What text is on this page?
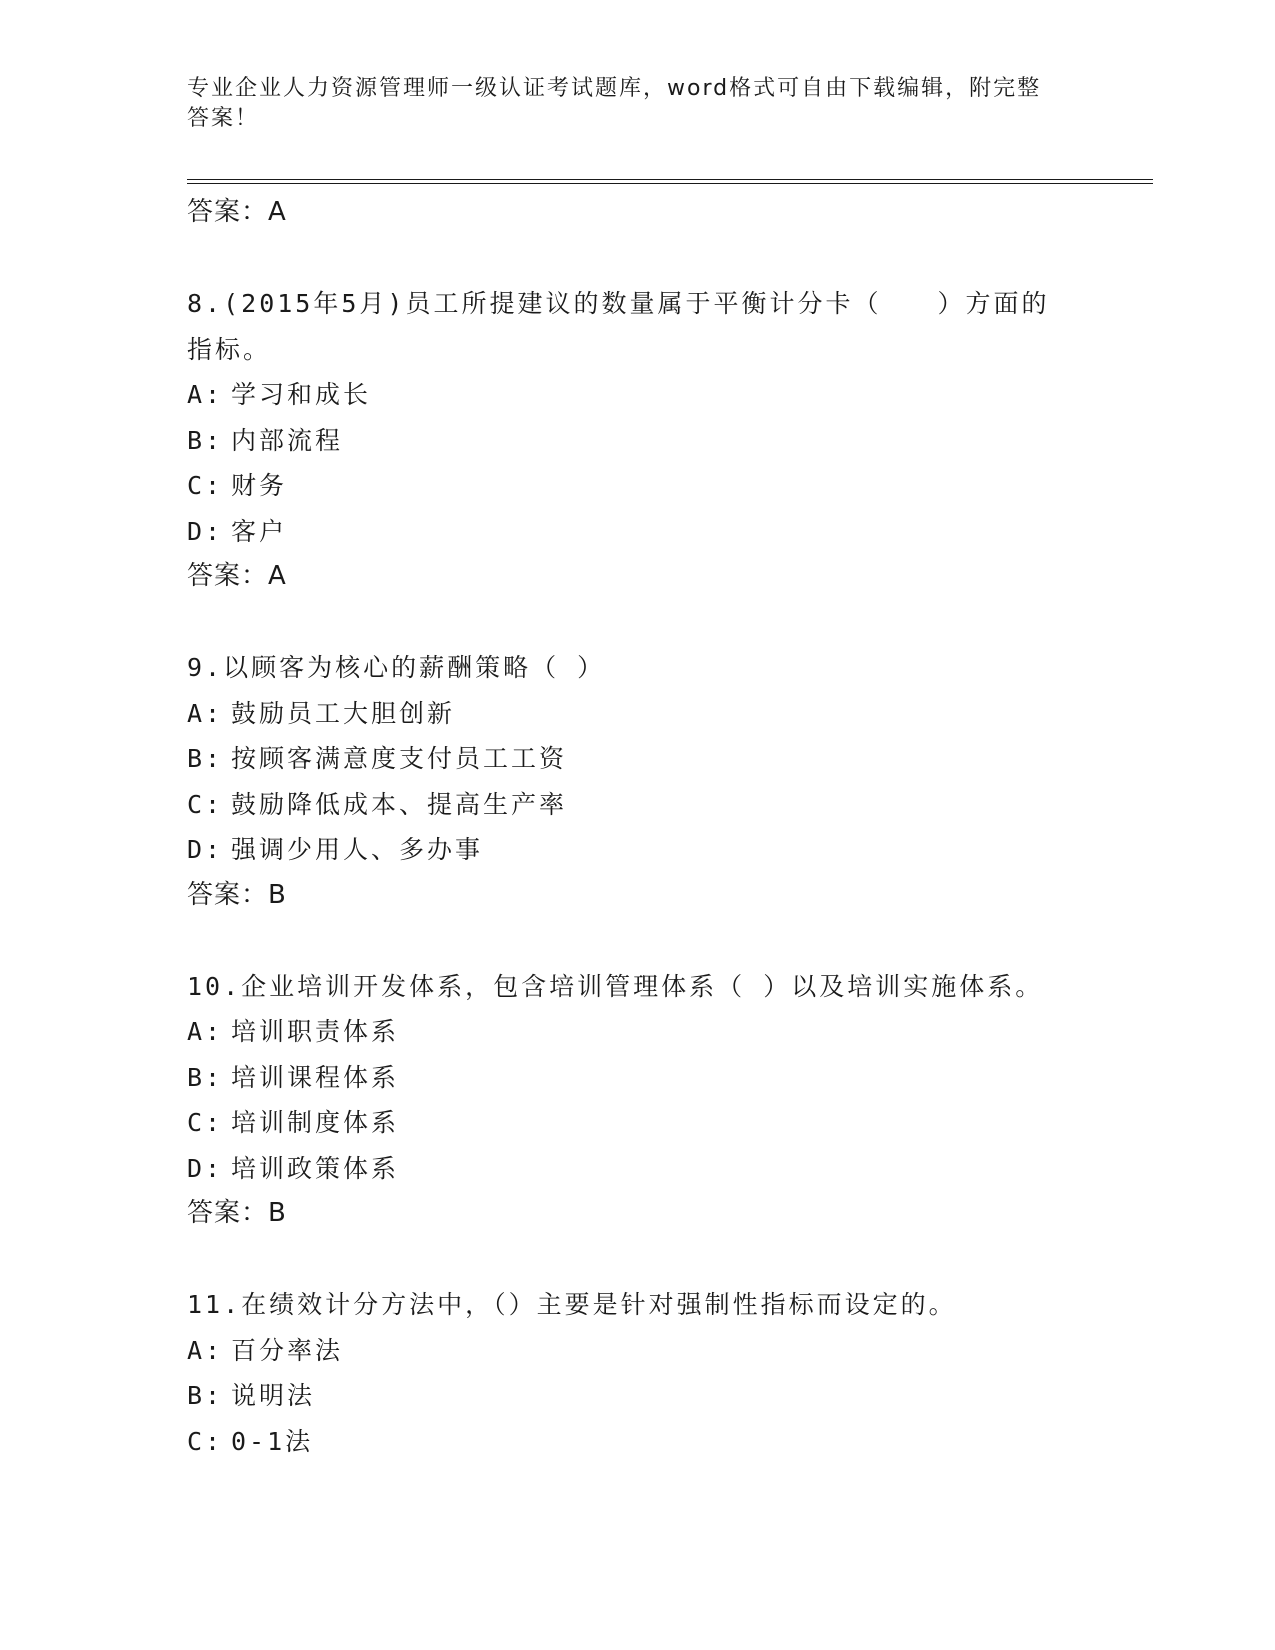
专业企业人力资源管理师一级认证考试题库，word格式可自由下载编辑，附完整
答案！
答案：A
8.(2015年5月)员工所提建议的数量属于平衡计分卡（　　）方面的
指标。
A: 学习和成长
B: 内部流程
C: 财务
D: 客户
答案：A
9.以顾客为核心的薪酬策略（ ）
A: 鼓励员工大胆创新
B: 按顾客满意度支付员工工资
C: 鼓励降低成本、提高生产率
D: 强调少用人、多办事
答案：B
10.企业培训开发体系，包含培训管理体系（ ）以及培训实施体系。
A: 培训职责体系
B: 培训课程体系
C: 培训制度体系
D: 培训政策体系
答案：B
11.在绩效计分方法中，（）主要是针对强制性指标而设定的。
A: 百分率法
B: 说明法
C: 0-1法
